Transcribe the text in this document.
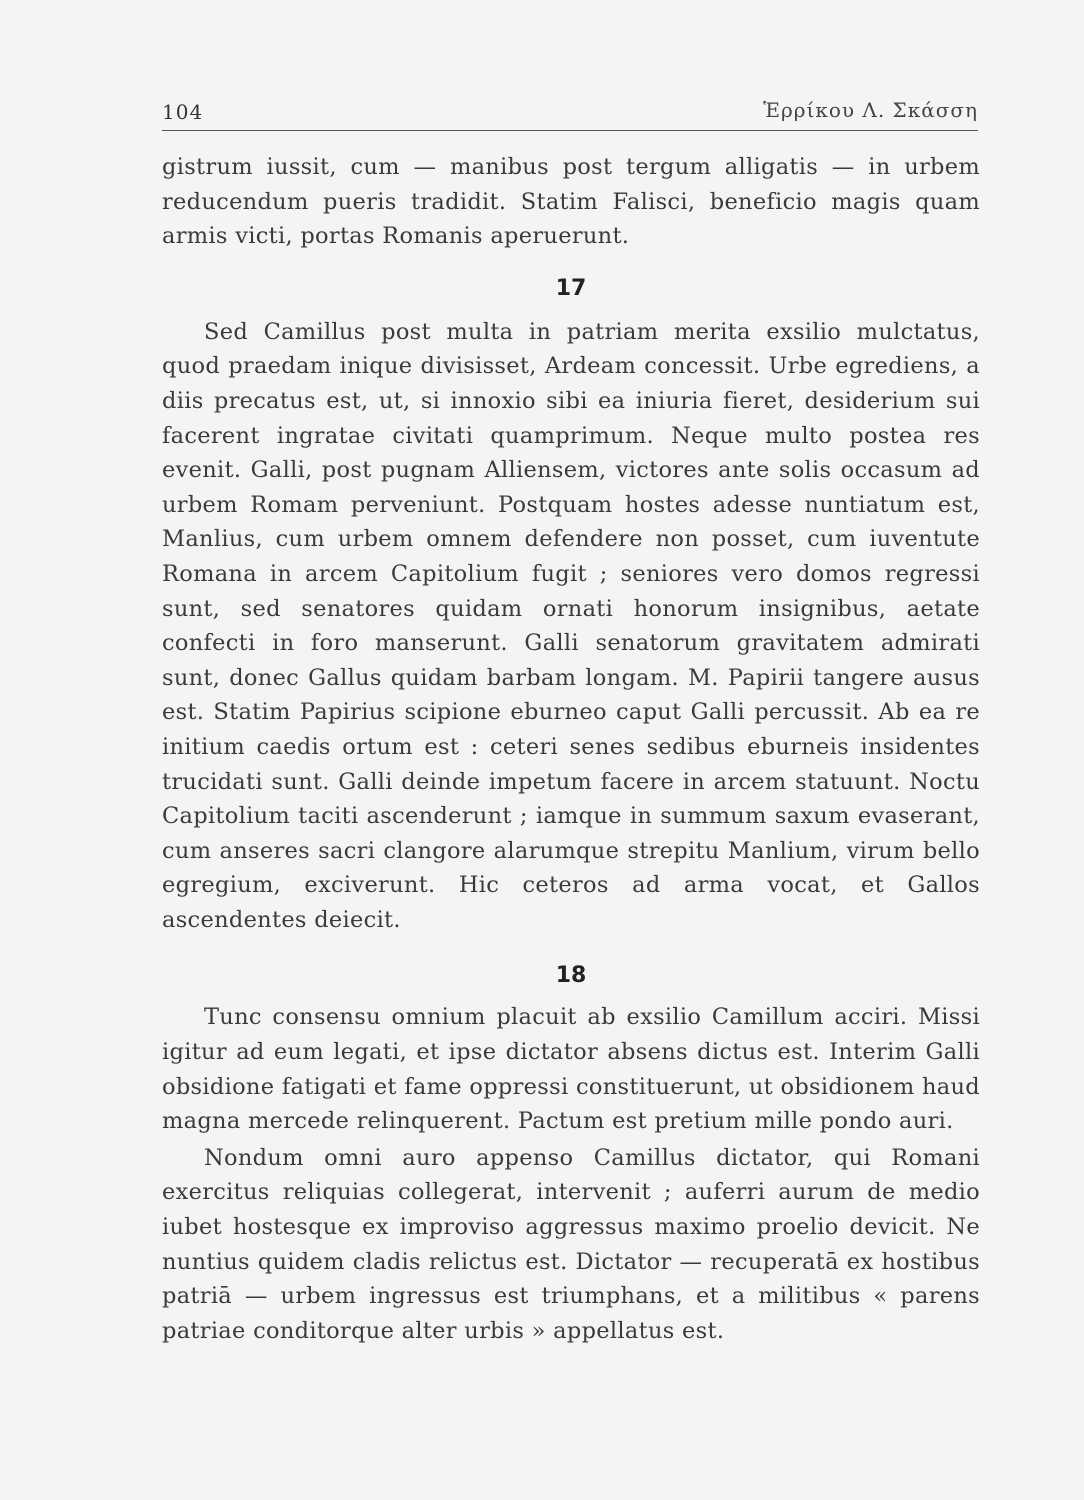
104	Ἑρρίκου Λ. Σκάσση

gistrum iussit, cum — manibus post tergum alligatis — in urbem reducendum pueris tradidit. Statim Falisci, beneficio magis quam armis victi, portas Romanis aperuerunt.

17

Sed Camillus post multa in patriam merita exsilio mulctatus, quod praedam inique divisisset, Ardeam concessit. Urbe egrediens, a diis precatus est, ut, si innoxio sibi ea iniuria fieret, desiderium sui facerent ingratae civitati quamprimum. Neque multo postea res evenit. Galli, post pugnam Alliensem, victores ante solis occasum ad urbem Romam perveniunt. Postquam hostes adesse nuntiatum est, Manlius, cum urbem omnem defendere non posset, cum iuventute Romana in arcem Capitolium fugit ; seniores vero domos regressi sunt, sed senatores quidam ornati honorum insignibus, aetate confecti in foro manserunt. Galli senatorum gravitatem admirati sunt, donec Gallus quidam barbam longam. M. Papirii tangere ausus est. Statim Papirius scipione eburneo caput Galli percussit. Ab ea re initium caedis ortum est : ceteri senes sedibus eburneis insidentes trucidati sunt. Galli deinde impetum facere in arcem statuunt. Noctu Capitolium taciti ascenderunt ; iamque in summum saxum evaserant, cum anseres sacri clangore alarumque strepitu Manlium, virum bello egregium, exciverunt. Hic ceteros ad arma vocat, et Gallos ascendentes deiecit.

18

Tunc consensu omnium placuit ab exsilio Camillum acciri. Missi igitur ad eum legati, et ipse dictator absens dictus est. Interim Galli obsidione fatigati et fame oppressi constituerunt, ut obsidionem haud magna mercede relinquerent. Pactum est pretium mille pondo auri.

Nondum omni auro appenso Camillus dictator, qui Romani exercitus reliquias collegerat, intervenit ; auferri aurum de medio iubet hostesque ex improviso aggressus maximo proelio devicit. Ne nuntius quidem cladis relictus est. Dictator — recuperatā ex hostibus patriā — urbem ingressus est triumphans, et a militibus « parens patriae conditorque alter urbis » appellatus est.
